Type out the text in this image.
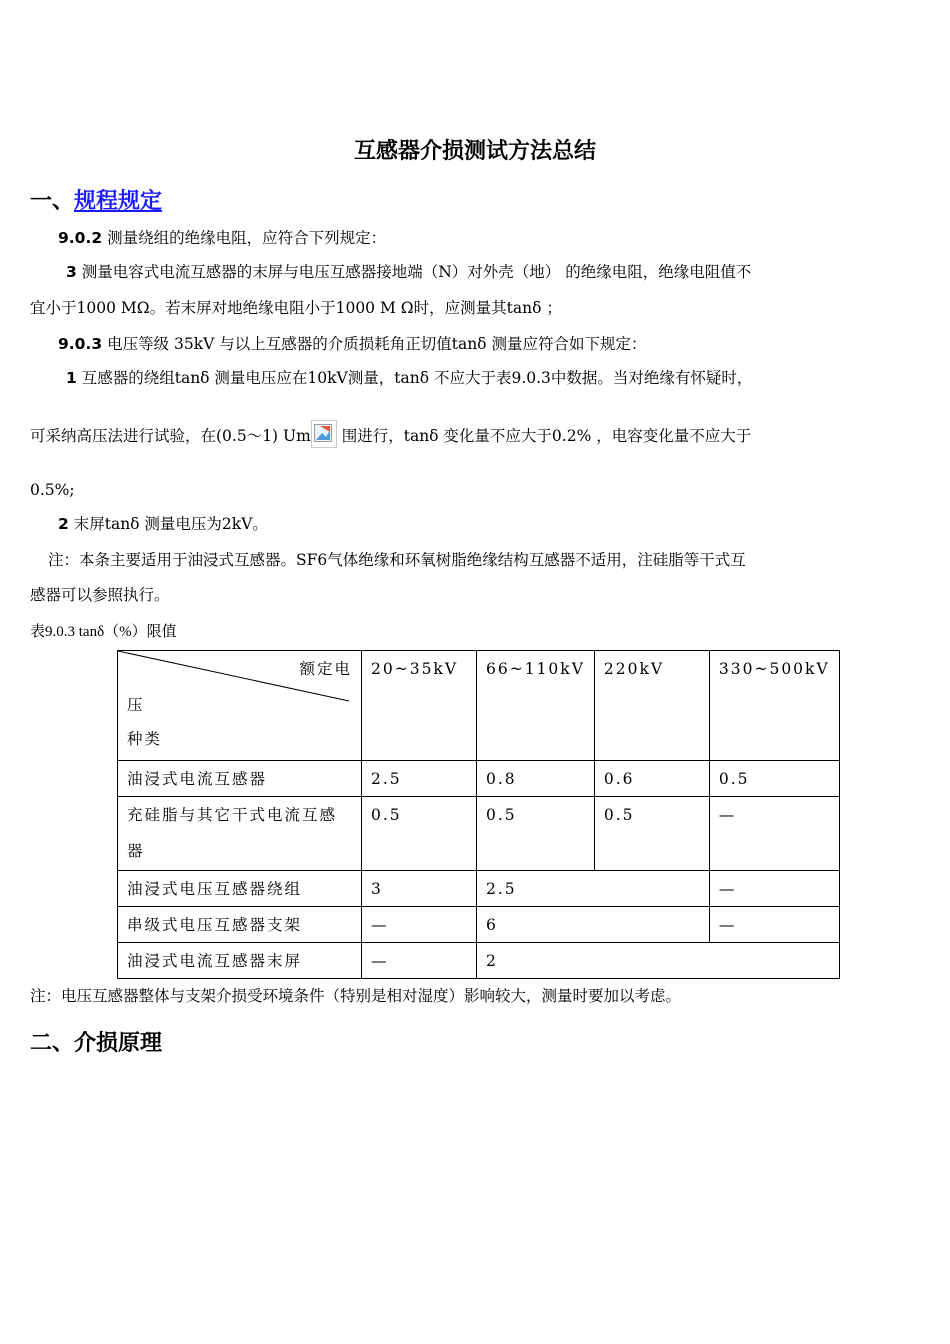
互感器介损测试方法总结
一、规程规定
9.0.2 测量绕组的绝缘电阻，应符合下列规定：
3 测量电容式电流互感器的末屏与电压互感器接地端（N）对外壳（地） 的绝缘电阻，绝缘电阻值不
宜小于1000 MΩ。若末屏对地绝缘电阻小于1000 M Ω时，应测量其tanδ ；
9.0.3 电压等级 35kV 与以上互感器的介质损耗角正切值tanδ 测量应符合如下规定：
1 互感器的绕组tanδ 测量电压应在10kV测量，tanδ 不应大于表9.0.3中数据。当对绝缘有怀疑时，
可采纳高压法进行试验，在(0.5～1) Um
围进行，tanδ 变化量不应大于0.2% ，电容变化量不应大于
0.5%;
2 末屏tanδ 测量电压为2kV。
注：本条主要适用于油浸式互感器。SF6气体绝缘和环氧树脂绝缘结构互感器不适用，注硅脂等干式互
感器可以参照执行。
表9.0.3 tanδ（%）限值
额定电
压
种类	20~35kV	66~110kV	220kV	330~500kV
油浸式电流互感器	2.5	0.8	0.6	0.5
充硅脂与其它干式电流互感器	0.5	0.5	0.5	—
油浸式电压互感器绕组	3	2.5		—
串级式电压互感器支架	—	6		—
油浸式电流互感器末屏	—	2		
注：电压互感器整体与支架介损受环境条件（特别是相对湿度）影响较大，测量时要加以考虑。
二、介损原理
